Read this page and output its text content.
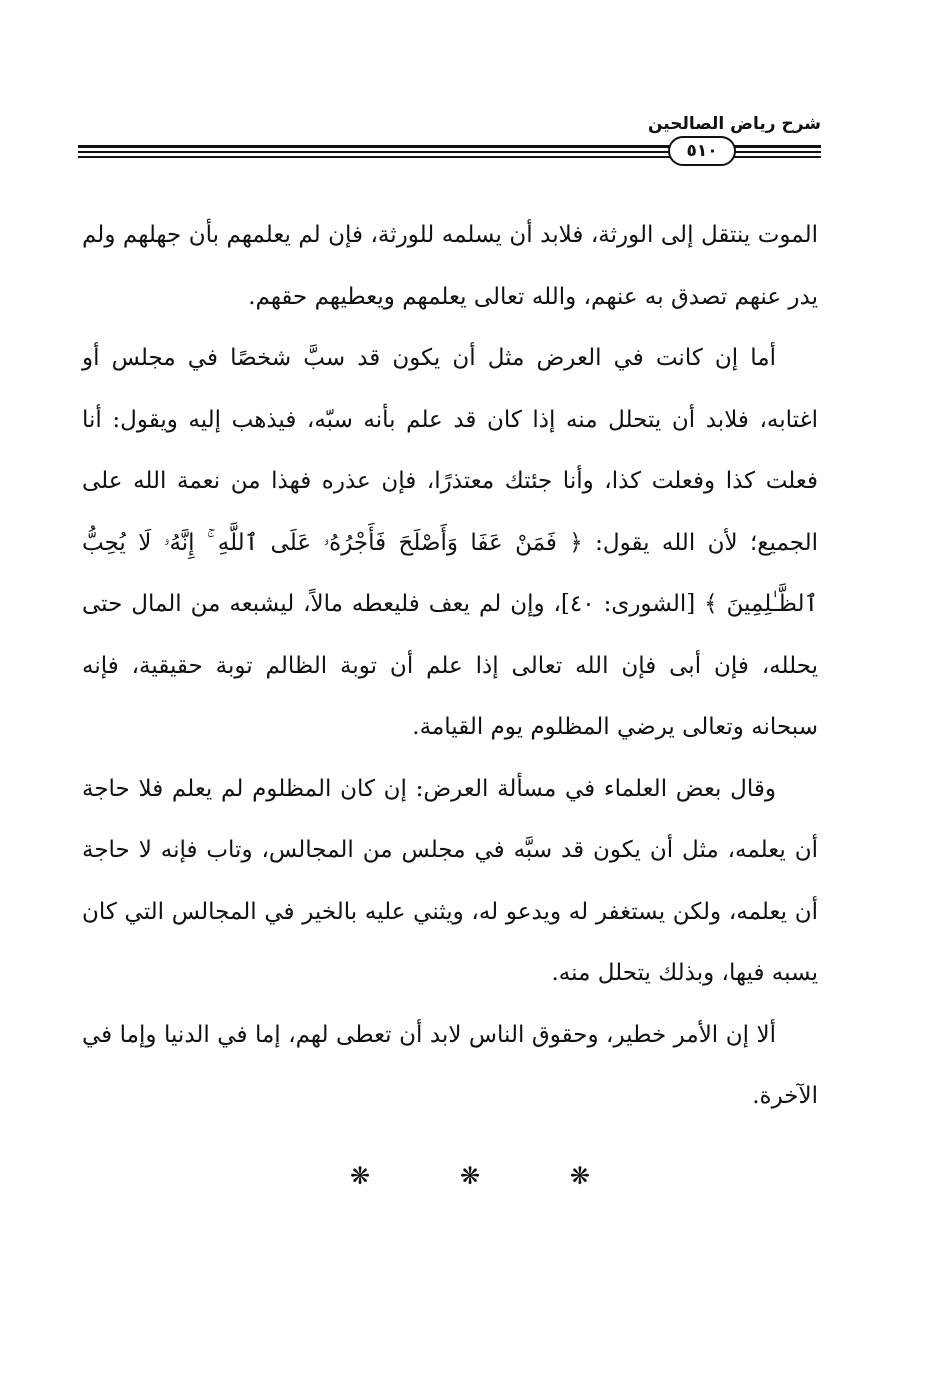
شرح رياض الصالحين
٥١٠

الموت ينتقل إلى الورثة، فلابد أن يسلمه للورثة، فإن لم يعلمهم بأن جهلهم ولم يدر عنهم تصدق به عنهم، والله تعالى يعلمهم ويعطيهم حقهم.

أما إن كانت في العرض مثل أن يكون قد سبَّ شخصًا في مجلس أو اغتابه، فلابد أن يتحلل منه إذا كان قد علم بأنه سبّه، فيذهب إليه ويقول: أنا فعلت كذا وفعلت كذا، وأنا جئتك معتذرًا، فإن عذره فهذا من نعمة الله على الجميع؛ لأن الله يقول: ﴿ فَمَنْ عَفَا وَأَصْلَحَ فَأَجْرُهُۥ عَلَى ٱللَّهِ ۚ إِنَّهُۥ لَا يُحِبُّ ٱلظَّـٰلِمِينَ ﴾ [الشورى: ٤٠]، وإن لم يعف فليعطه مالاً، ليشبعه من المال حتى يحلله، فإن أبى فإن الله تعالى إذا علم أن توبة الظالم توبة حقيقية، فإنه سبحانه وتعالى يرضي المظلوم يوم القيامة.

وقال بعض العلماء في مسألة العرض: إن كان المظلوم لم يعلم فلا حاجة أن يعلمه، مثل أن يكون قد سبَّه في مجلس من المجالس، وتاب فإنه لا حاجة أن يعلمه، ولكن يستغفر له ويدعو له، ويثني عليه بالخير في المجالس التي كان يسبه فيها، وبذلك يتحلل منه.

ألا إن الأمر خطير، وحقوق الناس لابد أن تعطى لهم، إما في الدنيا وإما في الآخرة.

❋
❋
❋
